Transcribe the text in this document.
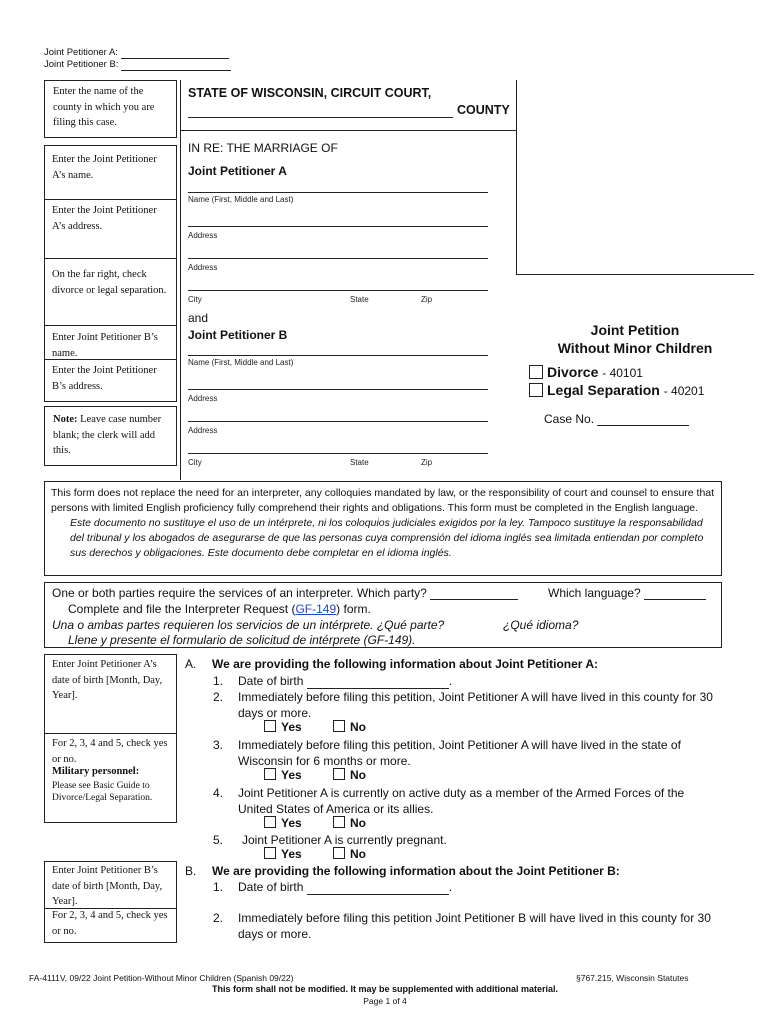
Joint Petitioner A:
Joint Petitioner B:
Enter the name of the county in which you are filing this case.
Enter the Joint Petitioner A’s name.
Enter the Joint Petitioner A’s address.
On the far right, check divorce or legal separation.
Enter Joint Petitioner B’s name.
Enter the Joint Petitioner B’s address.
Note: Leave case number blank; the clerk will add this.
STATE OF WISCONSIN, CIRCUIT COURT,
COUNTY
IN RE: THE MARRIAGE OF
Joint Petitioner A
Name (First, Middle and Last)
Address
Address
City	State	Zip
and
Joint Petitioner B
Name (First, Middle and Last)
Address
Address
City	State	Zip
Joint Petition
Without Minor Children
Divorce - 40101
Legal Separation - 40201
Case No.
This form does not replace the need for an interpreter, any colloquies mandated by law, or the responsibility of court and counsel to ensure that persons with limited English proficiency fully comprehend their rights and obligations. This form must be completed in the English language.
Este documento no sustituye el uso de un intérprete, ni los coloquios judiciales exigidos por la ley. Tampoco sustituye la responsabilidad del tribunal y los abogados de asegurarse de que las personas cuya comprensión del idioma inglés sea limitada entiendan por completo sus derechos y obligaciones. Este documento debe completar en el idioma inglés.
One or both parties require the services of an interpreter. Which party?	Which language?
Complete and file the Interpreter Request (GF-149) form.
Una o ambas partes requieren los servicios de un intérprete. ¿Qué parte?	¿Qué idioma?
Llene y presente el formulario de solicitud de intérprete (GF-149).
Enter Joint Petitioner A’s date of birth [Month, Day, Year].
For 2, 3, 4 and 5, check yes or no.
Military personnel:
Please see Basic Guide to Divorce/Legal Separation.
Enter Joint Petitioner B’s date of birth [Month, Day, Year].
For 2, 3, 4 and 5, check yes or no.
A. We are providing the following information about Joint Petitioner A:
1. Date of birth	.
2. Immediately before filing this petition, Joint Petitioner A will have lived in this county for 30 days or more.
Yes	No
3. Immediately before filing this petition, Joint Petitioner A will have lived in the state of Wisconsin for 6 months or more.
Yes	No
4. Joint Petitioner A is currently on active duty as a member of the Armed Forces of the United States of America or its allies.
Yes	No
5. Joint Petitioner A is currently pregnant.
Yes	No
B. We are providing the following information about the Joint Petitioner B:
1. Date of birth	.
2. Immediately before filing this petition Joint Petitioner B will have lived in this county for 30 days or more.
FA-4111V, 09/22 Joint Petition-Without Minor Children (Spanish 09/22)	§767.215, Wisconsin Statutes
This form shall not be modified. It may be supplemented with additional material.
Page 1 of 4
